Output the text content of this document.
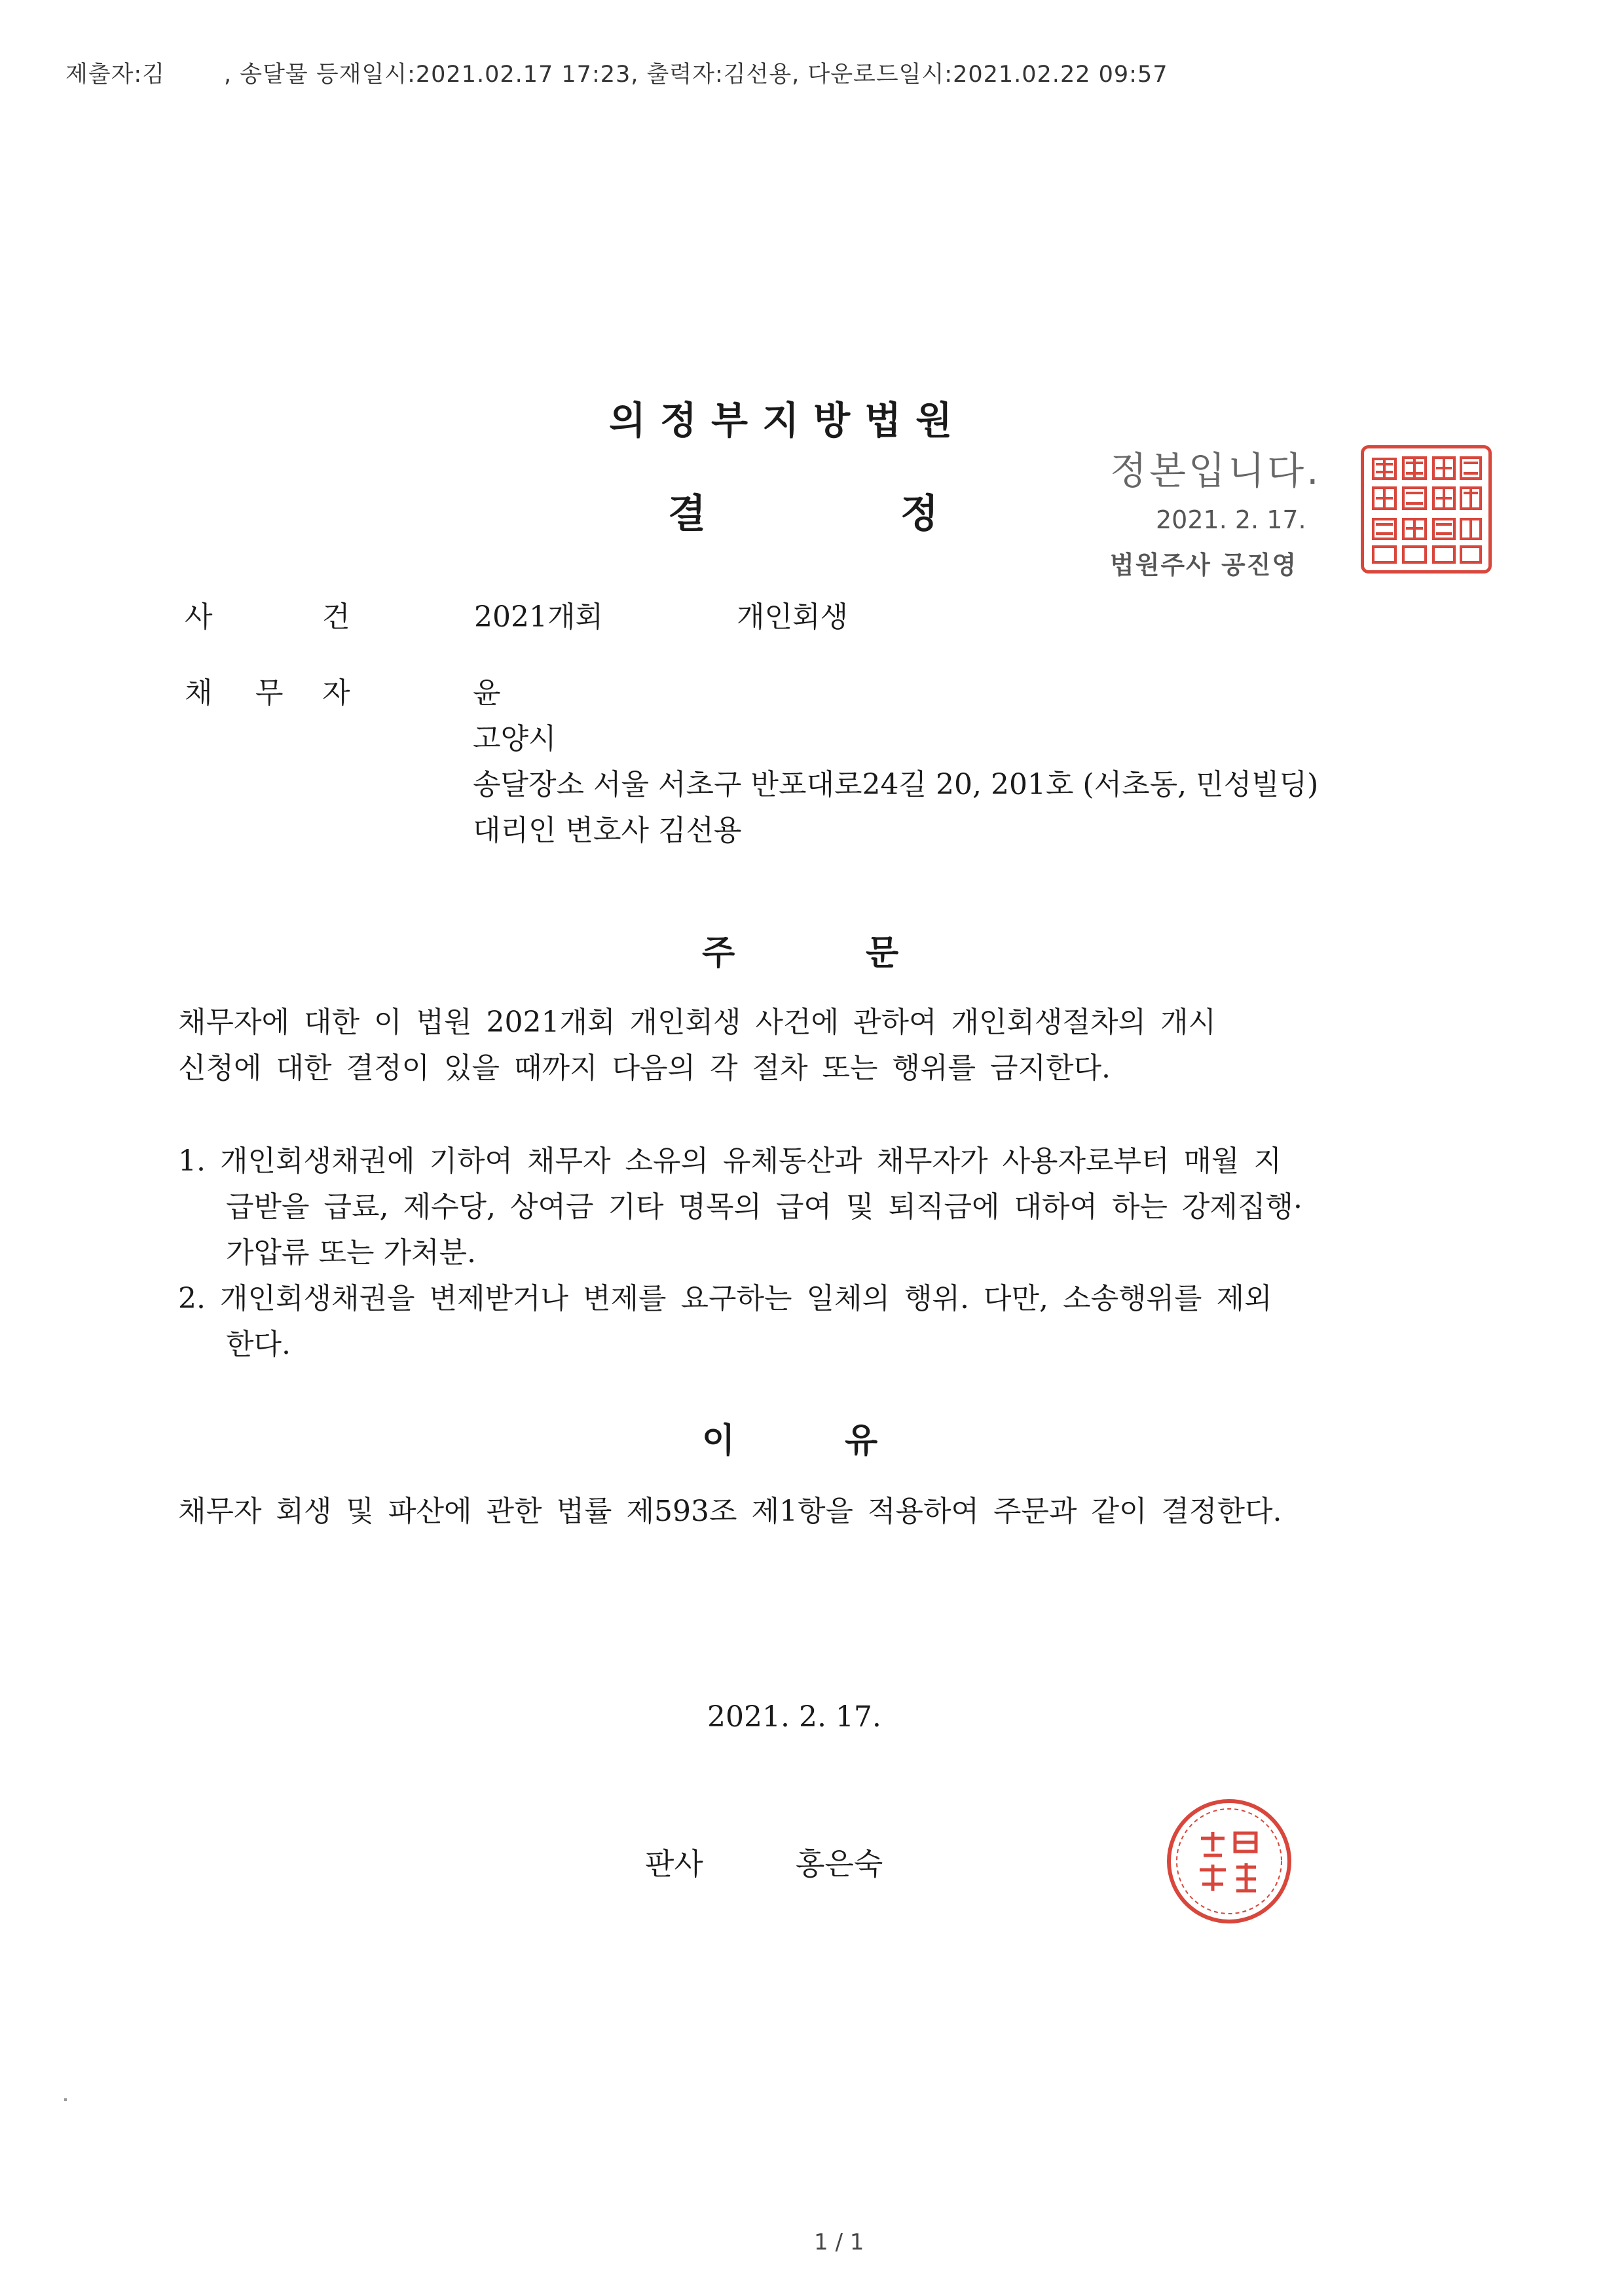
제출자:김	, 송달물 등재일시:2021.02.17 17:23, 출력자:김선용, 다운로드일시:2021.02.22 09:57
의정부지방법원
결	정
정본입니다.
2021. 2. 17.
법원주사 공진영
사	건	2021개회	개인회생
채 무 자	윤
고양시
송달장소 서울 서초구 반포대로24길 20, 201호 (서초동, 민성빌딩)
대리인 변호사 김선용
주	문
채무자에 대한 이 법원 2021개회 개인회생 사건에 관하여 개인회생절차의 개시
신청에 대한 결정이 있을 때까지 다음의 각 절차 또는 행위를 금지한다.
1. 개인회생채권에 기하여 채무자 소유의 유체동산과 채무자가 사용자로부터 매월 지
급받을 급료, 제수당, 상여금 기타 명목의 급여 및 퇴직금에 대하여 하는 강제집행·
가압류 또는 가처분.
2. 개인회생채권을 변제받거나 변제를 요구하는 일체의 행위. 다만, 소송행위를 제외
한다.
이	유
채무자 회생 및 파산에 관한 법률 제593조 제1항을 적용하여 주문과 같이 결정한다.
2021. 2. 17.
판사	홍은숙
1 / 1
